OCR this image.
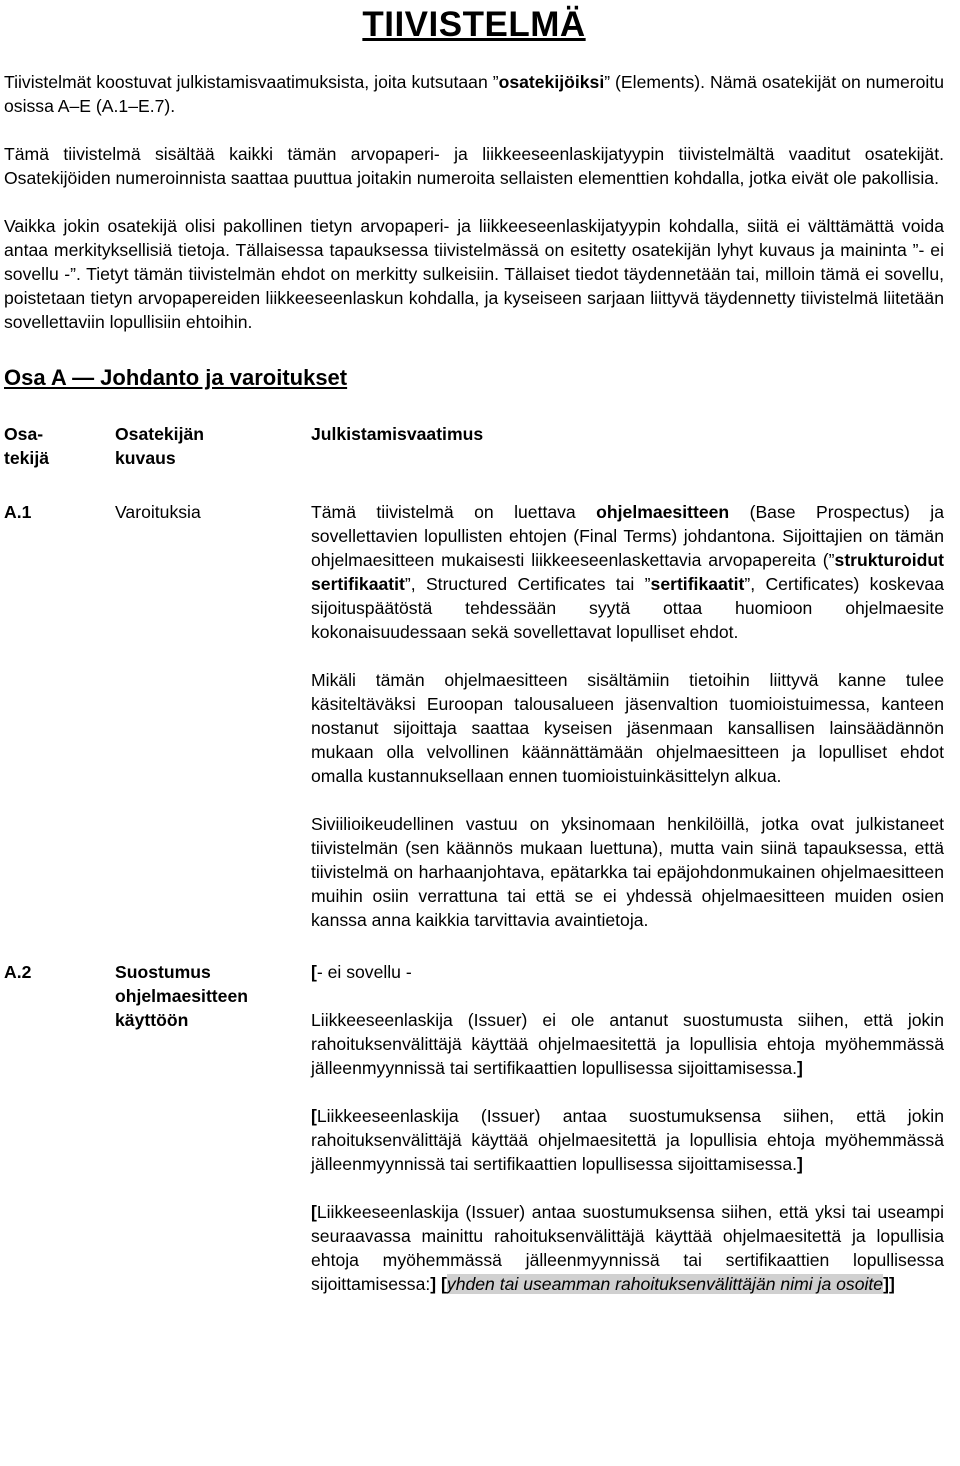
TIIVISTELMÄ

Tiivistelmät koostuvat julkistamisvaatimuksista, joita kutsutaan ”osatekijöiksi” (Elements). Nämä osatekijät on numeroitu osissa A–E (A.1–E.7).

Tämä tiivistelmä sisältää kaikki tämän arvopaperi- ja liikkeeseenlaskijatyypin tiivistelmältä vaaditut osatekijät. Osatekijöiden numeroinnista saattaa puuttua joitakin numeroita sellaisten elementtien kohdalla, jotka eivät ole pakollisia.

Vaikka jokin osatekijä olisi pakollinen tietyn arvopaperi- ja liikkeeseenlaskijatyypin kohdalla, siitä ei välttämättä voida antaa merkityksellisiä tietoja. Tällaisessa tapauksessa tiivistelmässä on esitetty osatekijän lyhyt kuvaus ja maininta ”- ei sovellu -”. Tietyt tämän tiivistelmän ehdot on merkitty sulkeisiin. Tällaiset tiedot täydennetään tai, milloin tämä ei sovellu, poistetaan tietyn arvopapereiden liikkeeseenlaskun kohdalla, ja kyseiseen sarjaan liittyvä täydennetty tiivistelmä liitetään sovellettaviin lopullisiin ehtoihin.

Osa A — Johdanto ja varoitukset
Osa-
tekijä	Osatekijän kuvaus	Julkistamisvaatimus
A.1	Varoituksia	Tämä tiivistelmä on luettava ohjelmaesitteen (Base Prospectus) ja sovellettavien lopullisten ehtojen (Final Terms) johdantona. Sijoittajien on tämän ohjelmaesitteen mukaisesti liikkeeseenlaskettavia arvopapereita (”strukturoidut sertifikaatit”, Structured Certificates tai ”sertifikaatit”, Certificates) koskevaa sijoituspäätöstä tehdessään syytä ottaa huomioon ohjelmaesite kokonaisuudessaan sekä sovellettavat lopulliset ehdot.

Mikäli tämän ohjelmaesitteen sisältämiin tietoihin liittyvä kanne tulee käsiteltäväksi Euroopan talousalueen jäsenvaltion tuomioistuimessa, kanteen nostanut sijoittaja saattaa kyseisen jäsenmaan kansallisen lainsäädännön mukaan olla velvollinen käännättämään ohjelmaesitteen ja lopulliset ehdot omalla kustannuksellaan ennen tuomioistuinkäsittelyn alkua.

Siviilioikeudellinen vastuu on yksinomaan henkilöillä, jotka ovat julkistaneet tiivistelmän (sen käännös mukaan luettuna), mutta vain siinä tapauksessa, että tiivistelmä on harhaanjohtava, epätarkka tai epäjohdonmukainen ohjelmaesitteen muihin osiin verrattuna tai että se ei yhdessä ohjelmaesitteen muiden osien kanssa anna kaikkia tarvittavia avaintietoja.

A.2	Suostumus ohjelmaesitteen käyttöön	[- ei sovellu -

Liikkeeseenlaskija (Issuer) ei ole antanut suostumusta siihen, että jokin rahoituksenvälittäjä käyttää ohjelmaesitettä ja lopullisia ehtoja myöhemmässä jälleenmyynnissä tai sertifikaattien lopullisessa sijoittamisessa.]

[Liikkeeseenlaskija (Issuer) antaa suostumuksensa siihen, että jokin rahoituksenvälittäjä käyttää ohjelmaesitettä ja lopullisia ehtoja myöhemmässä jälleenmyynnissä tai sertifikaattien lopullisessa sijoittamisessa.]

[Liikkeeseenlaskija (Issuer) antaa suostumuksensa siihen, että yksi tai useampi seuraavassa mainittu rahoituksenvälittäjä käyttää ohjelmaesitettä ja lopullisia ehtoja myöhemmässä jälleenmyynnissä tai sertifikaattien lopullisessa sijoittamisessa:] [yhden tai useamman rahoituksenvälittäjän nimi ja osoite]]
